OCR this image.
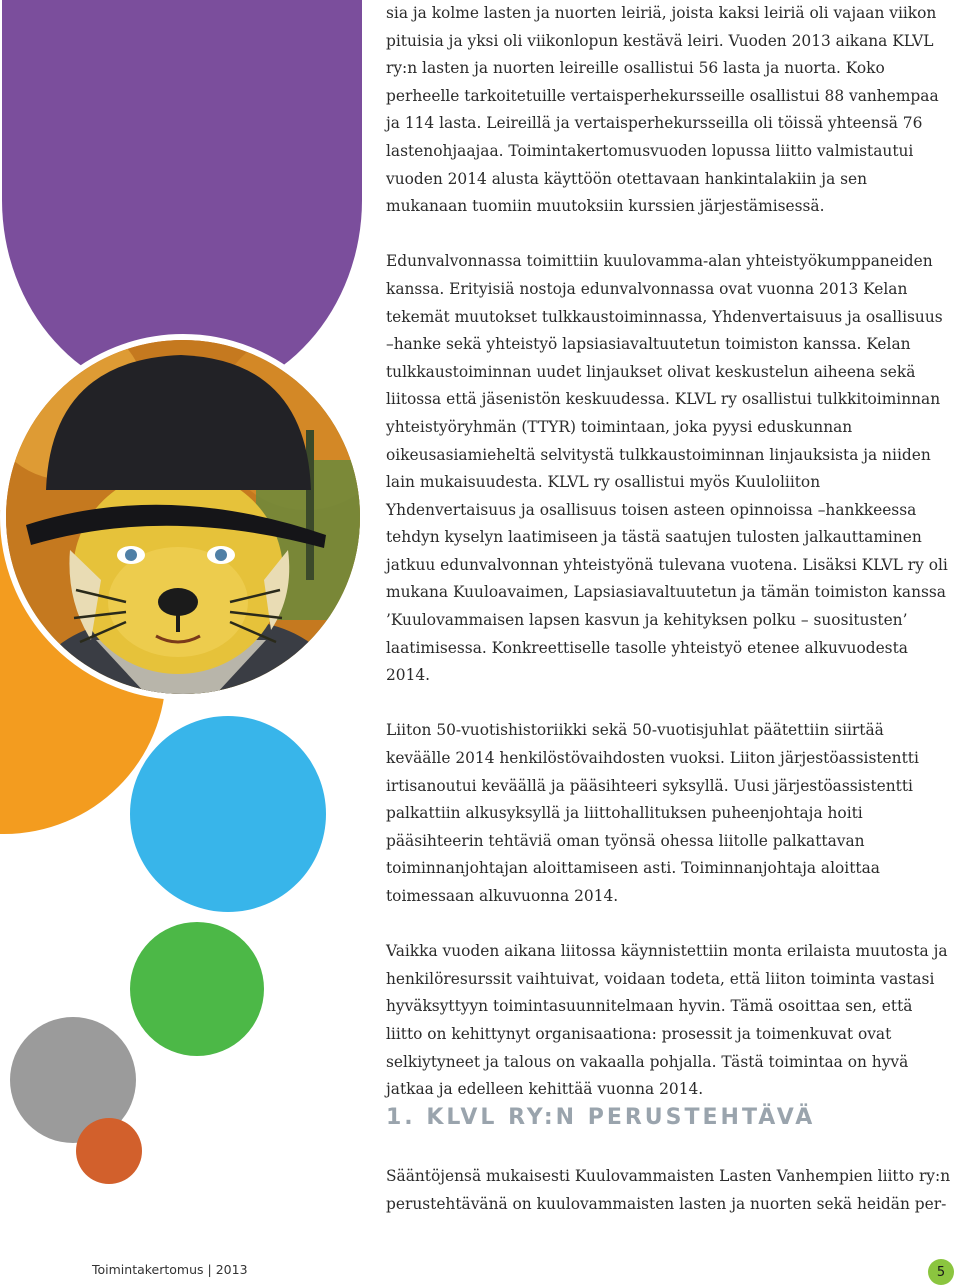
sia ja kolme lasten ja nuorten leiriä, joista kaksi leiriä oli vajaan viikon pituisia ja yksi oli viikonlopun kestävä leiri. Vuoden 2013 aikana KLVL ry:n lasten ja nuorten leireille osallistui 56 lasta ja nuorta. Koko perheelle tarkoitetuille vertaisperhekursseille osallistui 88 vanhempaa ja 114 lasta. Leireillä ja vertaisperhekursseilla oli töissä yhteensä 76 lastenohjaajaa. Toimintakertomusvuoden lopussa liitto valmistautui vuoden 2014 alusta käyttöön otettavaan hankintalakiin ja sen mukanaan tuomiin muutoksiin kurssien järjestämisessä.

Edunvalvonnassa toimittiin kuulovamma-alan yhteistyökumppaneiden kanssa. Erityisiä nostoja edunvalvonnassa ovat vuonna 2013 Kelan tekemät muutokset tulkkaustoiminnassa, Yhdenvertaisuus ja osallisuus –hanke sekä yhteistyö lapsiasiavaltuutetun toimiston kanssa. Kelan tulkkaustoiminnan uudet linjaukset olivat keskustelun aiheena sekä liitossa että jäsenistön keskuudessa. KLVL ry osallistui tulkkitoiminnan yhteistyöryhmän (TTYR) toimintaan, joka pyysi eduskunnan oikeusasiamieheltä selvitystä tulkkaustoiminnan linjauksista ja niiden lain mukaisuudesta. KLVL ry osallistui myös Kuuloliiton Yhdenvertaisuus ja osallisuus toisen asteen opinnoissa –hankkeessa tehdyn kyselyn laatimiseen ja tästä saatujen tulosten jalkauttaminen jatkuu edunvalvonnan yhteistyönä tulevana vuotena. Lisäksi KLVL ry oli mukana Kuuloavaimen, Lapsiasiavaltuutetun ja tämän toimiston kanssa ’Kuulovammaisen lapsen kasvun ja kehityksen polku – suositusten’ laatimisessa. Konkreettiselle tasolle yhteistyö etenee alkuvuodesta 2014.

Liiton 50-vuotishistoriikki sekä 50-vuotisjuhlat päätettiin siirtää keväälle 2014 henkilöstövaihdosten vuoksi. Liiton järjestöassistentti irtisanoutui keväällä ja pääsihteeri syksyllä. Uusi järjestöassistentti palkattiin alkusyksyllä ja liittohallituksen puheenjohtaja hoiti pääsihteerin tehtäviä oman työnsä ohessa liitolle palkattavan toiminnanjohtajan aloittamiseen asti. Toiminnanjohtaja aloittaa toimessaan alkuvuonna 2014.

Vaikka vuoden aikana liitossa käynnistettiin monta erilaista muutosta ja henkilöresurssit vaihtuivat, voidaan todeta, että liiton toiminta vastasi hyväksyttyyn toimintasuunnitelmaan hyvin. Tämä osoittaa sen, että liitto on kehittynyt organisaationa: prosessit ja toimenkuvat ovat selkiytyneet ja talous on vakaalla pohjalla. Tästä toimintaa on hyvä jatkaa ja edelleen kehittää vuonna 2014.

1. KLVL RY:N PERUSTEHTÄVÄ

Sääntöjensä mukaisesti Kuulovammaisten Lasten Vanhempien liitto ry:n perustehtävänä on kuulovammaisten lasten ja nuorten sekä heidän per-

Toimintakertomus | 2013	5
